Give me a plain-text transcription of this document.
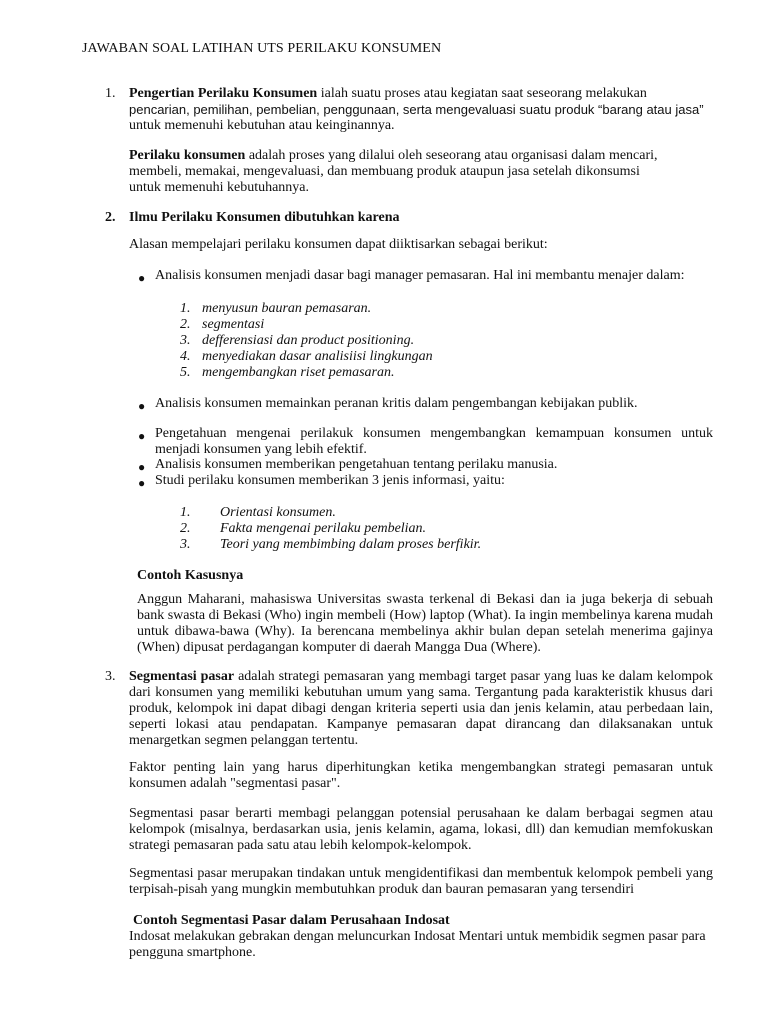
JAWABAN SOAL LATIHAN UTS PERILAKU KONSUMEN
1. Pengertian Perilaku Konsumen ialah suatu proses atau kegiatan saat seseorang melakukan
pencarian, pemilihan, pembelian, penggunaan, serta mengevaluasi suatu produk “barang atau jasa”
untuk memenuhi kebutuhan atau keinginannya.
Perilaku konsumen adalah proses yang dilalui oleh seseorang atau organisasi dalam mencari, membeli, memakai, mengevaluasi, dan membuang produk ataupun jasa setelah dikonsumsi untuk memenuhi kebutuhannya.
2. Ilmu Perilaku Konsumen dibutuhkan karena
Alasan mempelajari perilaku konsumen dapat diiktisarkan sebagai berikut:
● Analisis konsumen menjadi dasar bagi manager pemasaran. Hal ini membantu menajer dalam:
1. menyusun bauran pemasaran.
2. segmentasi
3. defferensiasi dan product positioning.
4. menyediakan dasar analisiisi lingkungan
5. mengembangkan riset pemasaran.
● Analisis konsumen memainkan peranan kritis dalam pengembangan kebijakan publik.
● Pengetahuan mengenai perilakuk konsumen mengembangkan kemampuan konsumen untuk menjadi konsumen yang lebih efektif.
● Analisis konsumen memberikan pengetahuan tentang perilaku manusia.
● Studi perilaku konsumen memberikan 3 jenis informasi, yaitu:
1. Orientasi konsumen.
2. Fakta mengenai perilaku pembelian.
3. Teori yang membimbing dalam proses berfikir.
Contoh Kasusnya
Anggun Maharani, mahasiswa Universitas swasta terkenal di Bekasi dan ia juga bekerja di sebuah bank swasta di Bekasi (Who) ingin membeli (How) laptop (What). Ia ingin membelinya karena mudah untuk dibawa-bawa (Why). Ia berencana membelinya akhir bulan depan setelah menerima gajinya (When) dipusat perdagangan komputer di daerah Mangga Dua (Where).
3. Segmentasi pasar adalah strategi pemasaran yang membagi target pasar yang luas ke dalam kelompok dari konsumen yang memiliki kebutuhan umum yang sama. Tergantung pada karakteristik khusus dari produk, kelompok ini dapat dibagi dengan kriteria seperti usia dan jenis kelamin, atau perbedaan lain, seperti lokasi atau pendapatan. Kampanye pemasaran dapat dirancang dan dilaksanakan untuk menargetkan segmen pelanggan tertentu.
Faktor penting lain yang harus diperhitungkan ketika mengembangkan strategi pemasaran untuk konsumen adalah "segmentasi pasar".
Segmentasi pasar berarti membagi pelanggan potensial perusahaan ke dalam berbagai segmen atau kelompok (misalnya, berdasarkan usia, jenis kelamin, agama, lokasi, dll) dan kemudian memfokuskan strategi pemasaran pada satu atau lebih kelompok-kelompok.
Segmentasi pasar merupakan tindakan untuk mengidentifikasi dan membentuk kelompok pembeli yang terpisah-pisah yang mungkin membutuhkan produk dan bauran pemasaran yang tersendiri
Contoh Segmentasi Pasar dalam Perusahaan Indosat
Indosat melakukan gebrakan dengan meluncurkan Indosat Mentari untuk membidik segmen pasar para pengguna smartphone.
